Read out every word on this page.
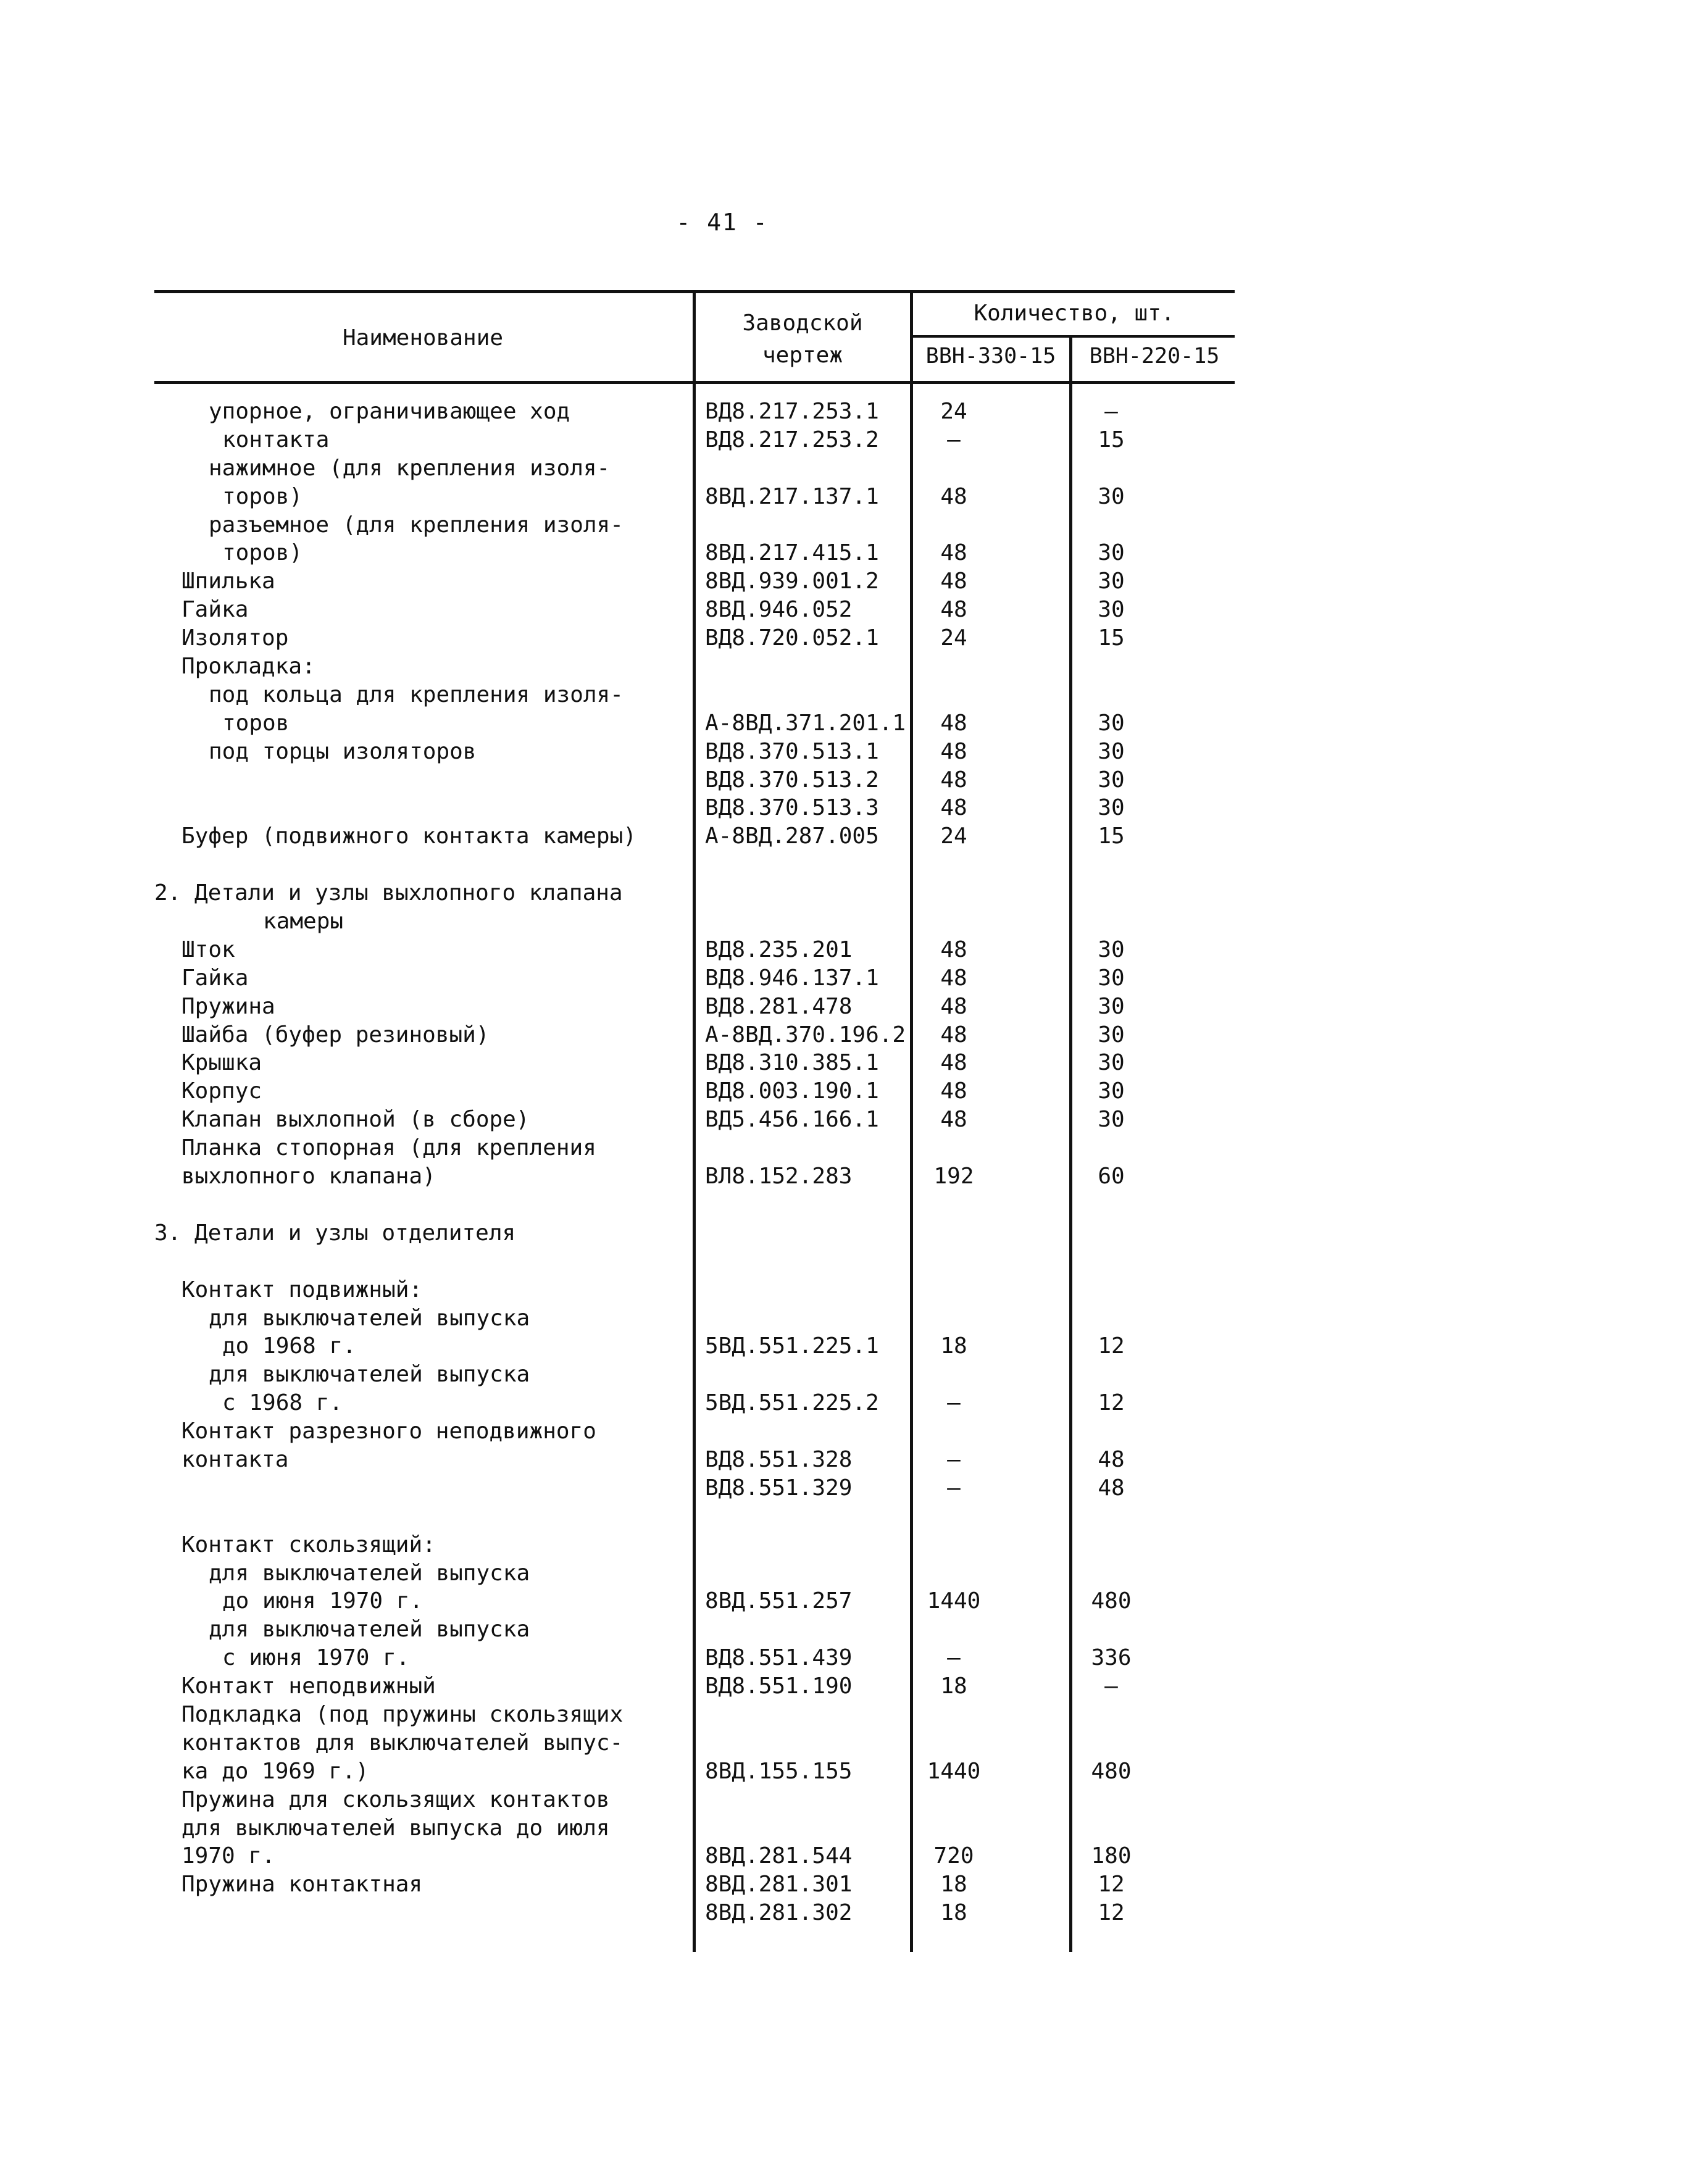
- 41 -
Наименование
Заводской
чертеж
Количество, шт.
ВВН-330-15	ВВН-220-15
упорное, ограничивающее ход	ВД8.217.253.1	24	–
контакта	ВД8.217.253.2	–	15
нажимное (для крепления изоля-
торов)	8ВД.217.137.1	48	30
разъемное (для крепления изоля-
торов)	8ВД.217.415.1	48	30
Шпилька	8ВД.939.001.2	48	30
Гайка	8ВД.946.052	48	30
Изолятор	ВД8.720.052.1	24	15
Прокладка:
под кольца для крепления изоля-
торов	А-8ВД.371.201.1	48	30
под торцы изоляторов	ВД8.370.513.1	48	30
ВД8.370.513.2	48	30
ВД8.370.513.3	48	30
Буфер (подвижного контакта камеры)	А-8ВД.287.005	24	15
2. Детали и узлы выхлопного клапана
камеры
Шток	ВД8.235.201	48	30
Гайка	ВД8.946.137.1	48	30
Пружина	ВД8.281.478	48	30
Шайба (буфер резиновый)	А-8ВД.370.196.2	48	30
Крышка	ВД8.310.385.1	48	30
Корпус	ВД8.003.190.1	48	30
Клапан выхлопной (в сборе)	ВД5.456.166.1	48	30
Планка стопорная (для крепления
выхлопного клапана)	ВЛ8.152.283	192	60
3. Детали и узлы отделителя
Контакт подвижный:
для выключателей выпуска
до 1968 г.	5ВД.551.225.1	18	12
для выключателей выпуска
с 1968 г.	5ВД.551.225.2	–	12
Контакт разрезного неподвижного
контакта	ВД8.551.328	–	48
ВД8.551.329	–	48
Контакт скользящий:
для выключателей выпуска
до июня 1970 г.	8ВД.551.257	1440	480
для выключателей выпуска
с июня 1970 г.	ВД8.551.439	–	336
Контакт неподвижный	ВД8.551.190	18	–
Подкладка (под пружины скользящих
контактов для выключателей выпус-
ка до 1969 г.)	8ВД.155.155	1440	480
Пружина для скользящих контактов
для выключателей выпуска до июля
1970 г.	8ВД.281.544	720	180
Пружина контактная	8ВД.281.301	18	12
8ВД.281.302	18	12
